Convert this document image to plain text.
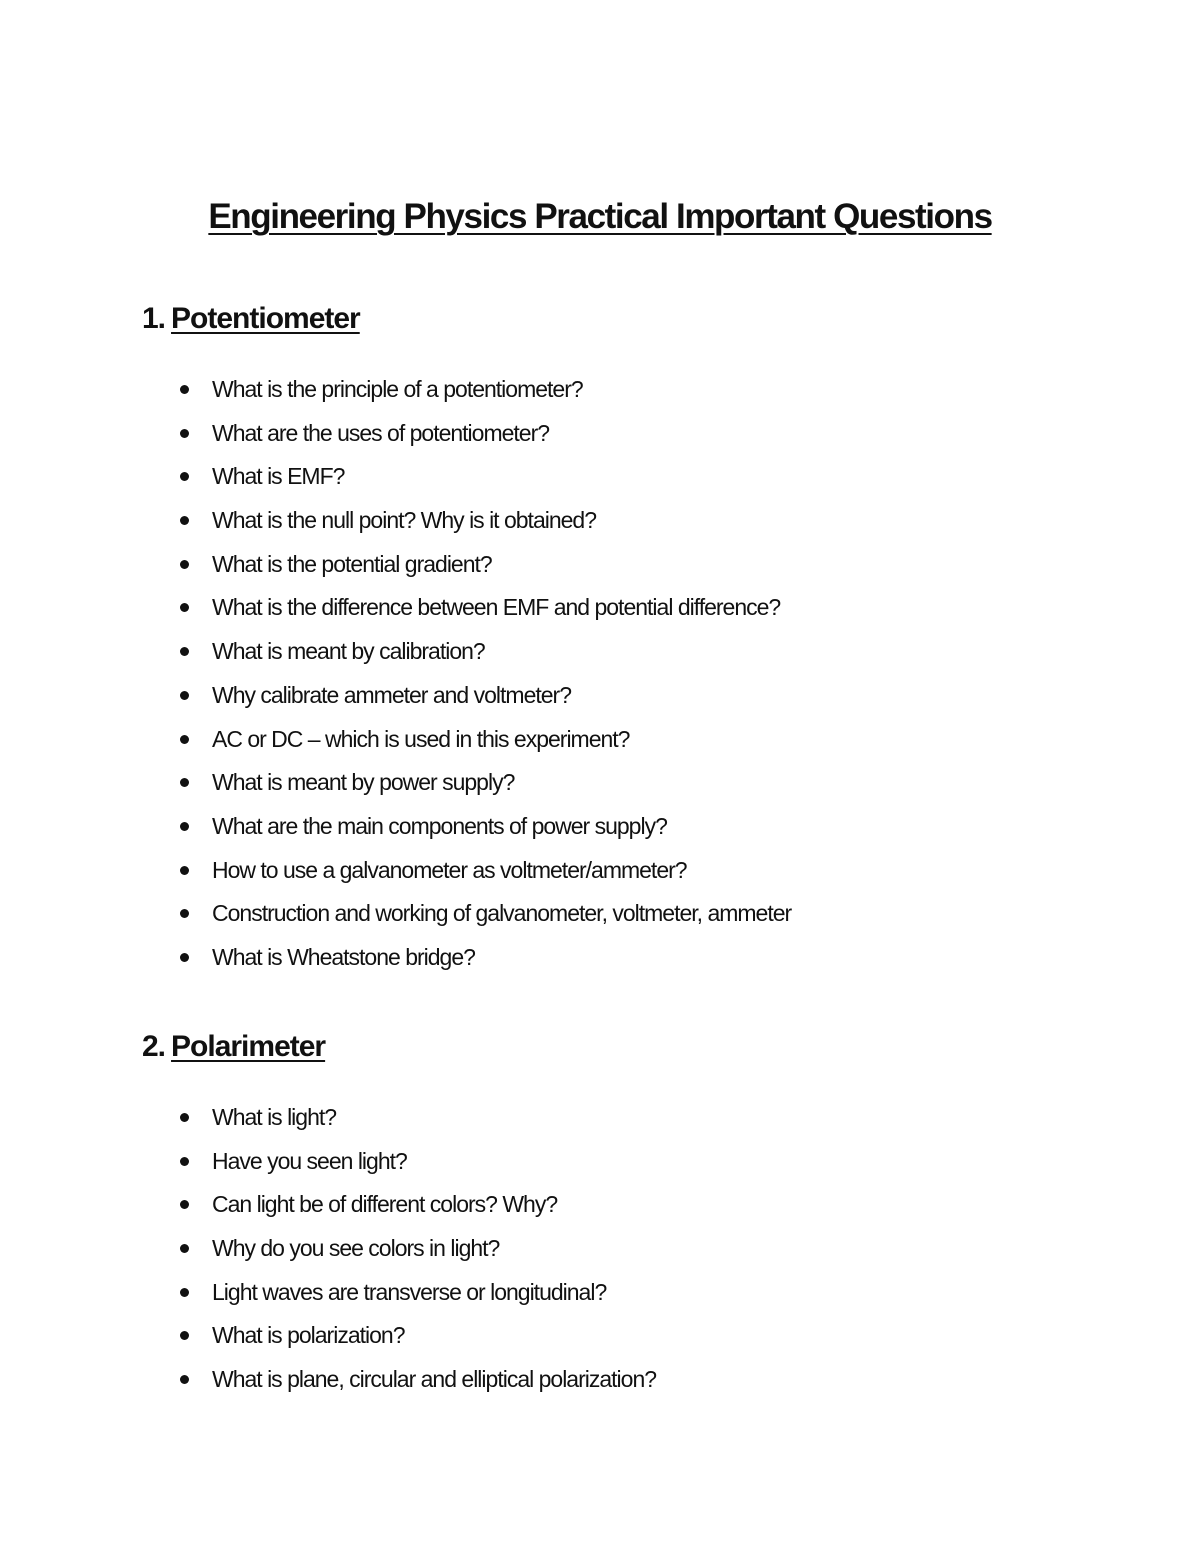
Engineering Physics Practical Important Questions
1. Potentiometer
What is the principle of a potentiometer?
What are the uses of potentiometer?
What is EMF?
What is the null point? Why is it obtained?
What is the potential gradient?
What is the difference between EMF and potential difference?
What is meant by calibration?
Why calibrate ammeter and voltmeter?
AC or DC – which is used in this experiment?
What is meant by power supply?
What are the main components of power supply?
How to use a galvanometer as voltmeter/ammeter?
Construction and working of galvanometer, voltmeter, ammeter
What is Wheatstone bridge?
2. Polarimeter
What is light?
Have you seen light?
Can light be of different colors? Why?
Why do you see colors in light?
Light waves are transverse or longitudinal?
What is polarization?
What is plane, circular and elliptical polarization?
